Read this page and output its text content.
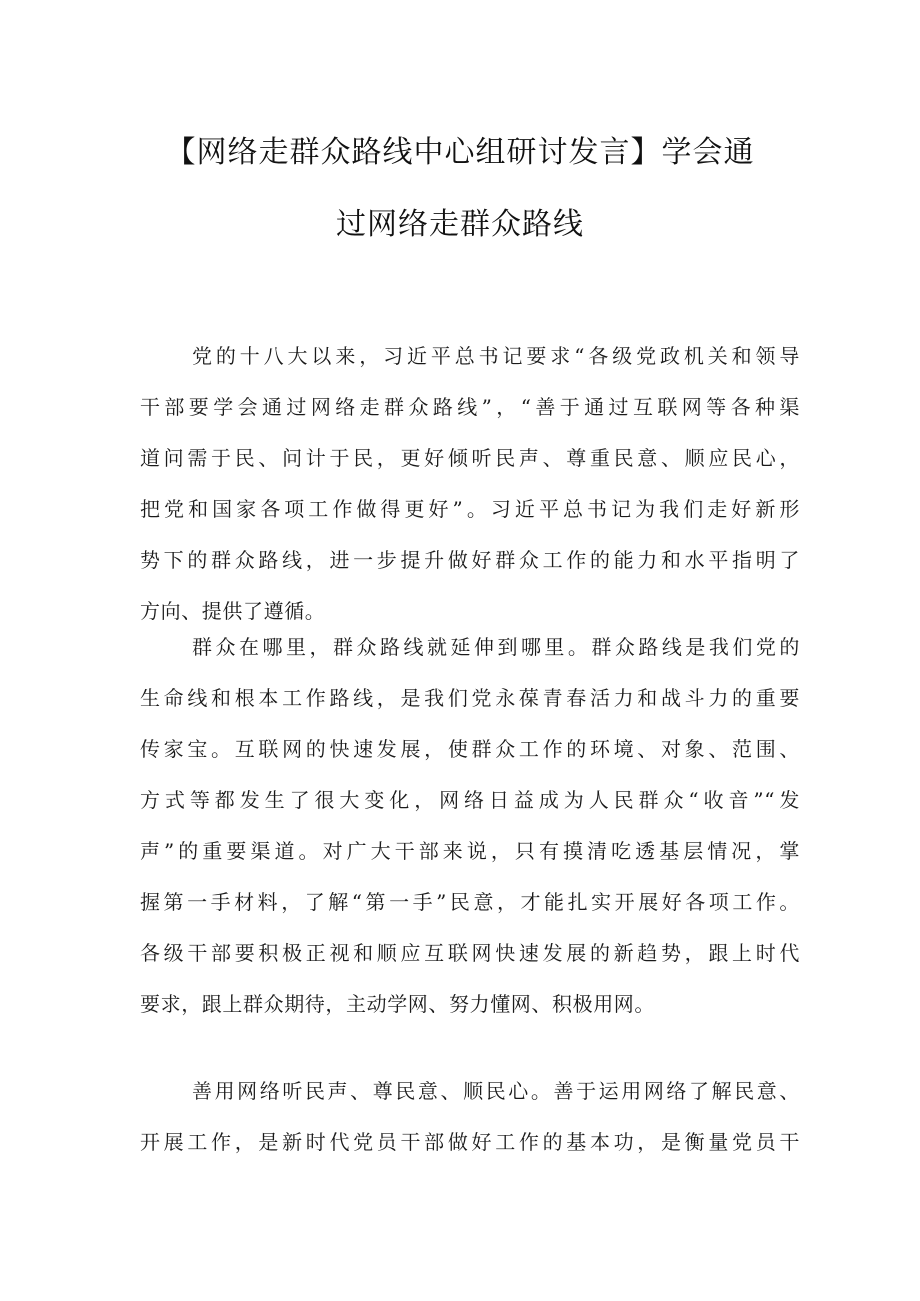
【网络走群众路线中心组研讨发言】学会通
过网络走群众路线
党的十八大以来，习近平总书记要求“各级党政机关和领导
干部要学会通过网络走群众路线”，“善于通过互联网等各种渠
道问需于民、问计于民，更好倾听民声、尊重民意、顺应民心，
把党和国家各项工作做得更好”。习近平总书记为我们走好新形
势下的群众路线，进一步提升做好群众工作的能力和水平指明了
方向、提供了遵循。
群众在哪里，群众路线就延伸到哪里。群众路线是我们党的
生命线和根本工作路线，是我们党永葆青春活力和战斗力的重要
传家宝。互联网的快速发展，使群众工作的环境、对象、范围、
方式等都发生了很大变化，网络日益成为人民群众“收音”“发
声”的重要渠道。对广大干部来说，只有摸清吃透基层情况，掌
握第一手材料，了解“第一手”民意，才能扎实开展好各项工作。
各级干部要积极正视和顺应互联网快速发展的新趋势，跟上时代
要求，跟上群众期待，主动学网、努力懂网、积极用网。
善用网络听民声、尊民意、顺民心。善于运用网络了解民意、
开展工作，是新时代党员干部做好工作的基本功，是衡量党员干
